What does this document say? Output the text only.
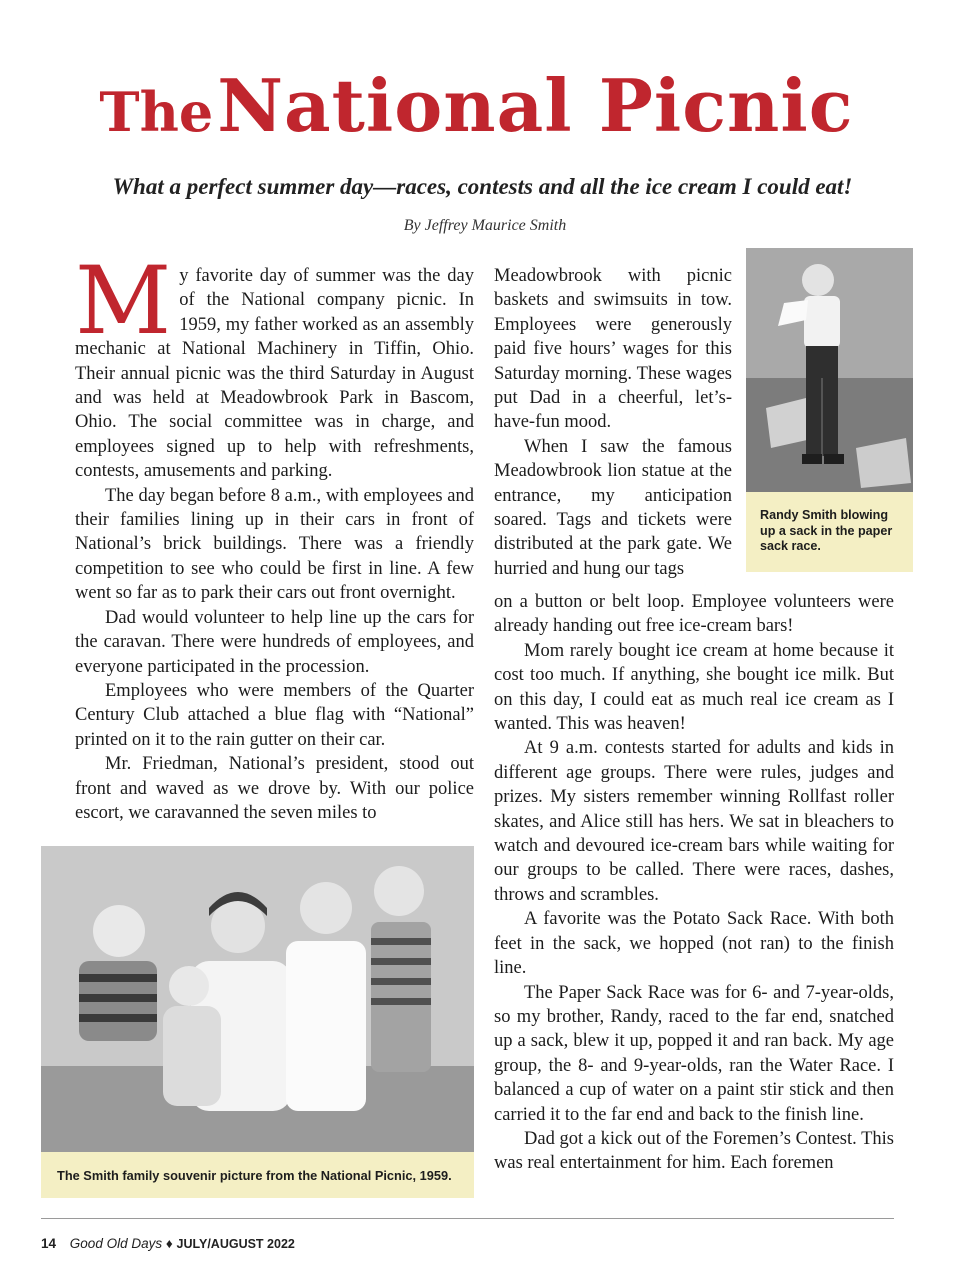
The National Picnic
What a perfect summer day—races, contests and all the ice cream I could eat!
By Jeffrey Maurice Smith
M y favorite day of summer was the day of the National company picnic. In 1959, my father worked as an assembly mechanic at National Machinery in Tiffin, Ohio. Their annual picnic was the third Saturday in August and was held at Meadowbrook Park in Bascom, Ohio. The social committee was in charge, and employees signed up to help with refreshments, contests, amusements and parking.

The day began before 8 a.m., with employees and their families lining up in their cars in front of National’s brick buildings. There was a friendly competition to see who could be first in line. A few went so far as to park their cars out front overnight.

Dad would volunteer to help line up the cars for the caravan. There were hundreds of employees, and everyone participated in the procession.

Employees who were members of the Quarter Century Club attached a blue flag with “National” printed on it to the rain gutter on their car.

Mr. Friedman, National’s president, stood out front and waved as we drove by. With our police escort, we caravanned the seven miles to

Meadowbrook with picnic baskets and swimsuits in tow. Employees were generously paid five hours’ wages for this Saturday morning. These wages put Dad in a cheerful, let’s-have-fun mood.

When I saw the famous Meadowbrook lion statue at the entrance, my anticipation soared. Tags and tickets were distributed at the park gate. We hurried and hung our tags

on a button or belt loop. Employee volunteers were already handing out free ice-cream bars!

Mom rarely bought ice cream at home because it cost too much. If anything, she bought ice milk. But on this day, I could eat as much real ice cream as I wanted. This was heaven!

At 9 a.m. contests started for adults and kids in different age groups. There were rules, judges and prizes. My sisters remember winning Rollfast roller skates, and Alice still has hers. We sat in bleachers to watch and devoured ice-cream bars while waiting for our groups to be called. There were races, dashes, throws and scrambles.

A favorite was the Potato Sack Race. With both feet in the sack, we hopped (not ran) to the finish line.

The Paper Sack Race was for 6- and 7-year-olds, so my brother, Randy, raced to the far end, snatched up a sack, blew it up, popped it and ran back. My age group, the 8- and 9-year-olds, ran the Water Race. I balanced a cup of water on a paint stir stick and then carried it to the far end and back to the finish line.

Dad got a kick out of the Foremen’s Contest. This was real entertainment for him. Each foremen

Randy Smith blowing up a sack in the paper sack race.
The Smith family souvenir picture from the National Picnic, 1959.
14 Good Old Days ♦ JULY/AUGUST 2022
